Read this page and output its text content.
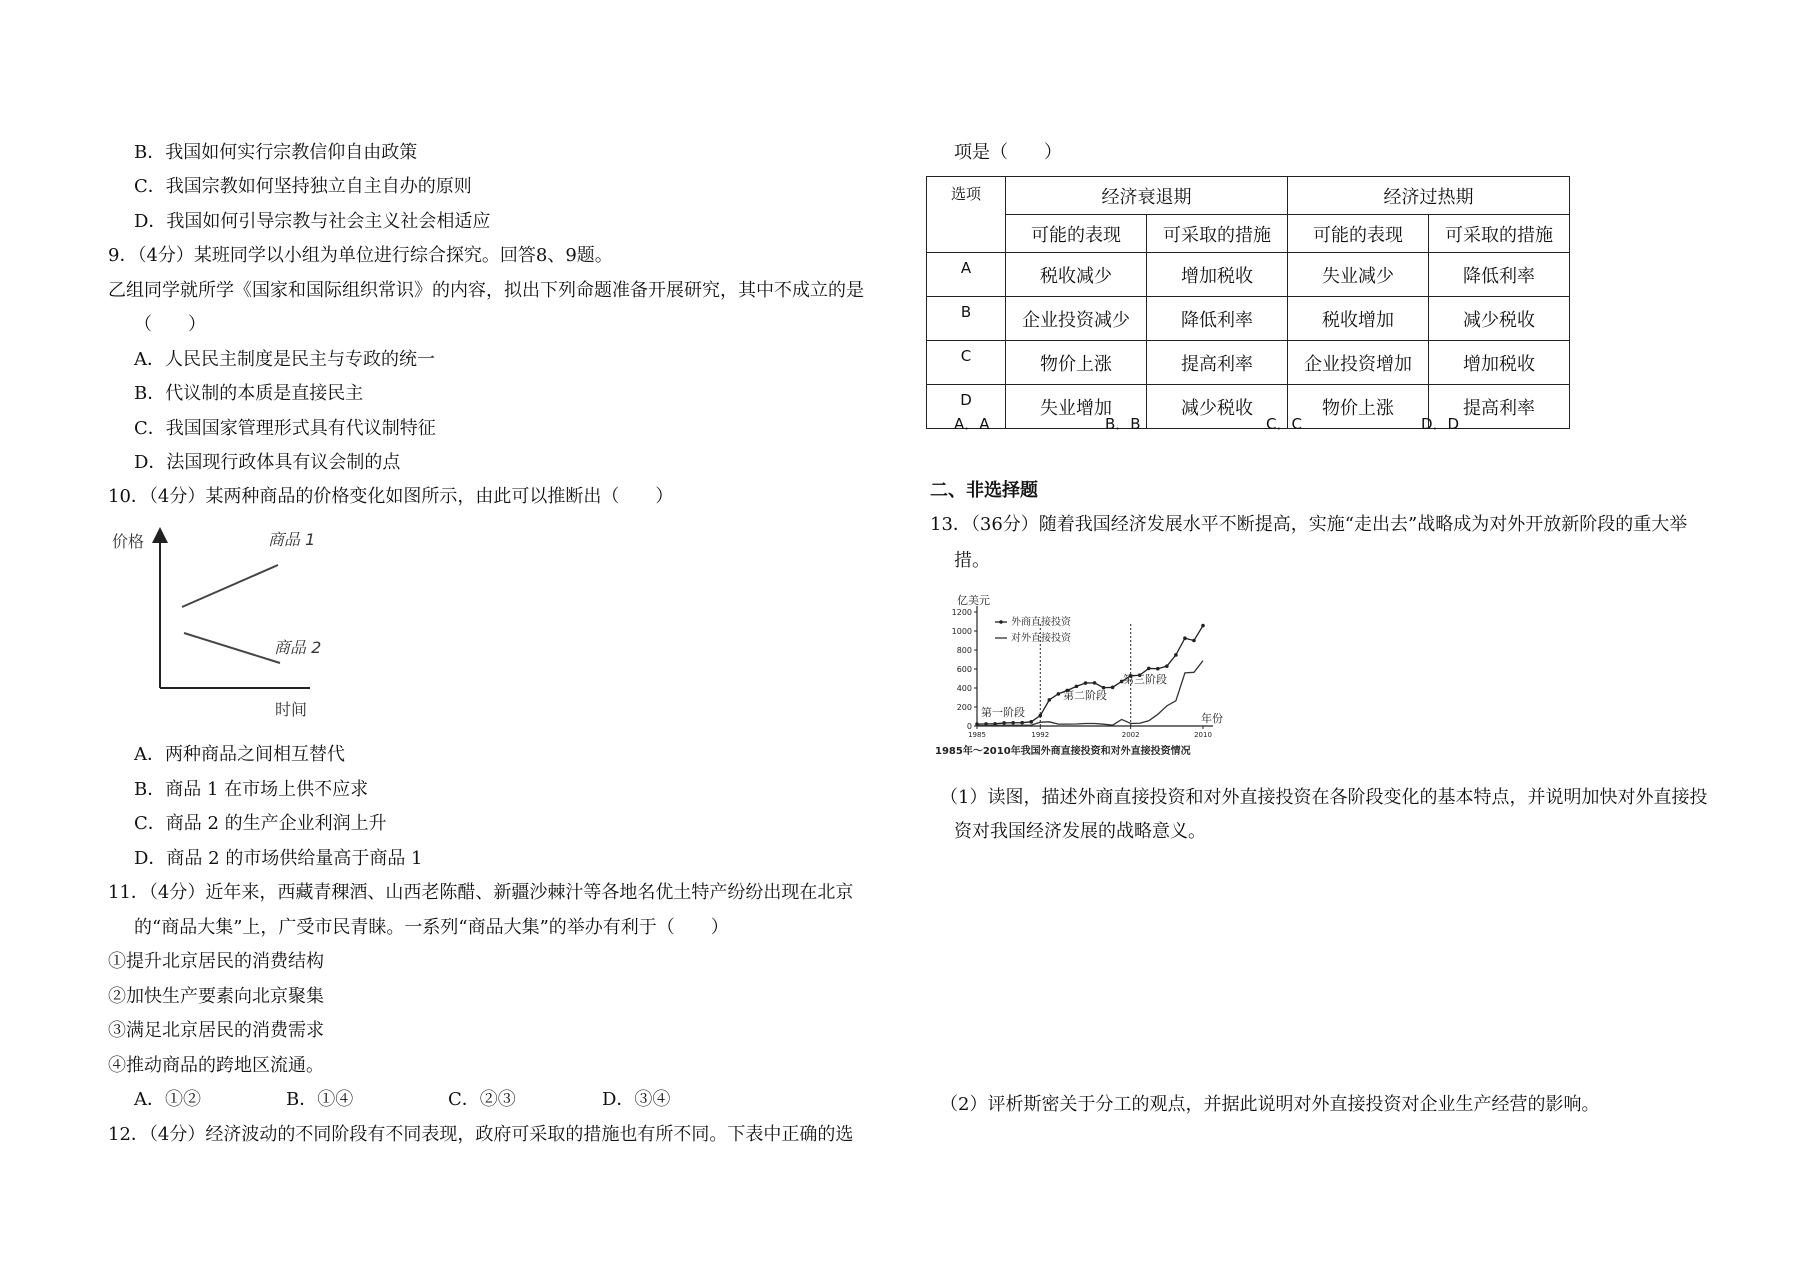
B．我国如何实行宗教信仰自由政策
C．我国宗教如何坚持独立自主自办的原则
D．我国如何引导宗教与社会主义社会相适应
9．（4分）某班同学以小组为单位进行综合探究。回答8、9题。
乙组同学就所学《国家和国际组织常识》的内容，拟出下列命题准备开展研究，其中不成立的是
（　　）
A．人民民主制度是民主与专政的统一
B．代议制的本质是直接民主
C．我国国家管理形式具有代议制特征
D．法国现行政体具有议会制的点
10．（4分）某两种商品的价格变化如图所示，由此可以推断出（　　）
价格
时间
商品 1
商品 2
A．两种商品之间相互替代
B．商品 1 在市场上供不应求
C．商品 2 的生产企业利润上升
D．商品 2 的市场供给量高于商品 1
11．（4分）近年来，西藏青稞酒、山西老陈醋、新疆沙棘汁等各地名优土特产纷纷出现在北京
的“商品大集”上，广受市民青睐。一系列“商品大集”的举办有利于（　　）
①提升北京居民的消费结构
②加快生产要素向北京聚集
③满足北京居民的消费需求
④推动商品的跨地区流通。
A．①②	B．①④	C．②③	D．③④
12．（4分）经济波动的不同阶段有不同表现，政府可采取的措施也有所不同。下表中正确的选
项是（　　）
选项	经济衰退期		经济过热期	
	可能的表现	可采取的措施	可能的表现	可采取的措施
A	税收减少	增加税收	失业减少	降低利率
B	企业投资减少	降低利率	税收增加	减少税收
C	物价上涨	提高利率	企业投资增加	增加税收
D	失业增加	减少税收	物价上涨	提高利率
A．A	B．B	C．C	D．D
二、非选择题
13．（36分）随着我国经济发展水平不断提高，实施“走出去”战略成为对外开放新阶段的重大举
措。
0
200
400
600
800
1000
1200
1985	1992	2002	2010
亿美元
年份
外商直接投资
对外直接投资
第一阶段
第二阶段
第三阶段
1985年～2010年我国外商直接投资和对外直接投资情况
（1）读图，描述外商直接投资和对外直接投资在各阶段变化的基本特点，并说明加快对外直接投
资对我国经济发展的战略意义。
（2）评析斯密关于分工的观点，并据此说明对外直接投资对企业生产经营的影响。
